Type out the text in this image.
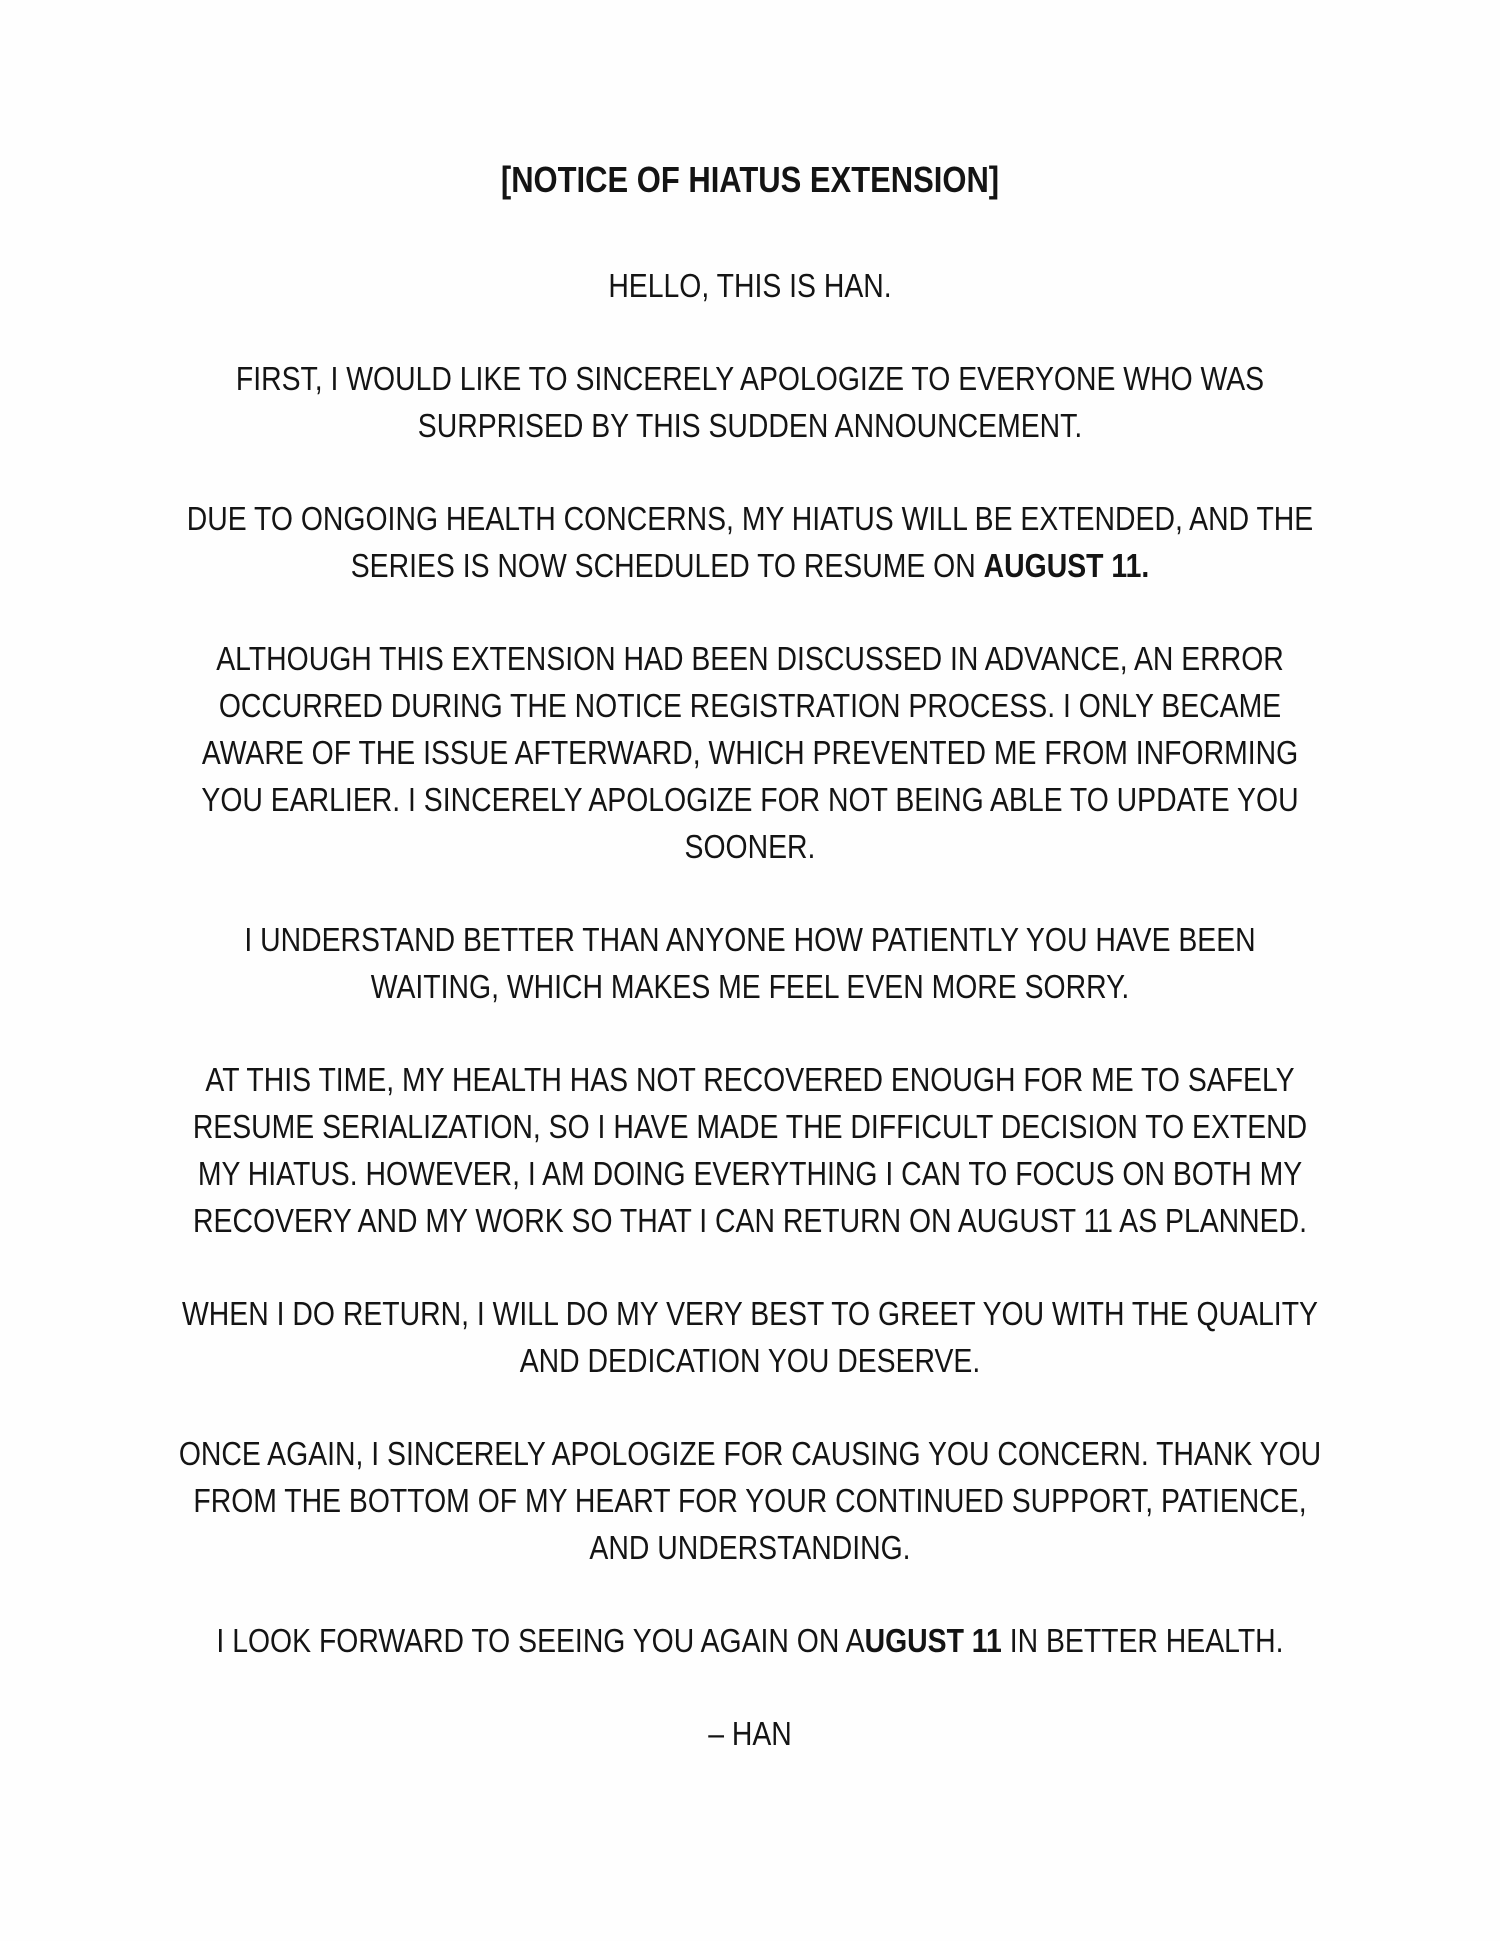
[NOTICE OF HIATUS EXTENSION]

HELLO, THIS IS HAN.

FIRST, I WOULD LIKE TO SINCERELY APOLOGIZE TO EVERYONE WHO WAS SURPRISED BY THIS SUDDEN ANNOUNCEMENT.

DUE TO ONGOING HEALTH CONCERNS, MY HIATUS WILL BE EXTENDED, AND THE SERIES IS NOW SCHEDULED TO RESUME ON AUGUST 11.

ALTHOUGH THIS EXTENSION HAD BEEN DISCUSSED IN ADVANCE, AN ERROR OCCURRED DURING THE NOTICE REGISTRATION PROCESS. I ONLY BECAME AWARE OF THE ISSUE AFTERWARD, WHICH PREVENTED ME FROM INFORMING YOU EARLIER. I SINCERELY APOLOGIZE FOR NOT BEING ABLE TO UPDATE YOU SOONER.

I UNDERSTAND BETTER THAN ANYONE HOW PATIENTLY YOU HAVE BEEN WAITING, WHICH MAKES ME FEEL EVEN MORE SORRY.

AT THIS TIME, MY HEALTH HAS NOT RECOVERED ENOUGH FOR ME TO SAFELY RESUME SERIALIZATION, SO I HAVE MADE THE DIFFICULT DECISION TO EXTEND MY HIATUS. HOWEVER, I AM DOING EVERYTHING I CAN TO FOCUS ON BOTH MY RECOVERY AND MY WORK SO THAT I CAN RETURN ON AUGUST 11 AS PLANNED.

WHEN I DO RETURN, I WILL DO MY VERY BEST TO GREET YOU WITH THE QUALITY AND DEDICATION YOU DESERVE.

ONCE AGAIN, I SINCERELY APOLOGIZE FOR CAUSING YOU CONCERN. THANK YOU FROM THE BOTTOM OF MY HEART FOR YOUR CONTINUED SUPPORT, PATIENCE, AND UNDERSTANDING.

I LOOK FORWARD TO SEEING YOU AGAIN ON AUGUST 11 IN BETTER HEALTH.

– HAN
